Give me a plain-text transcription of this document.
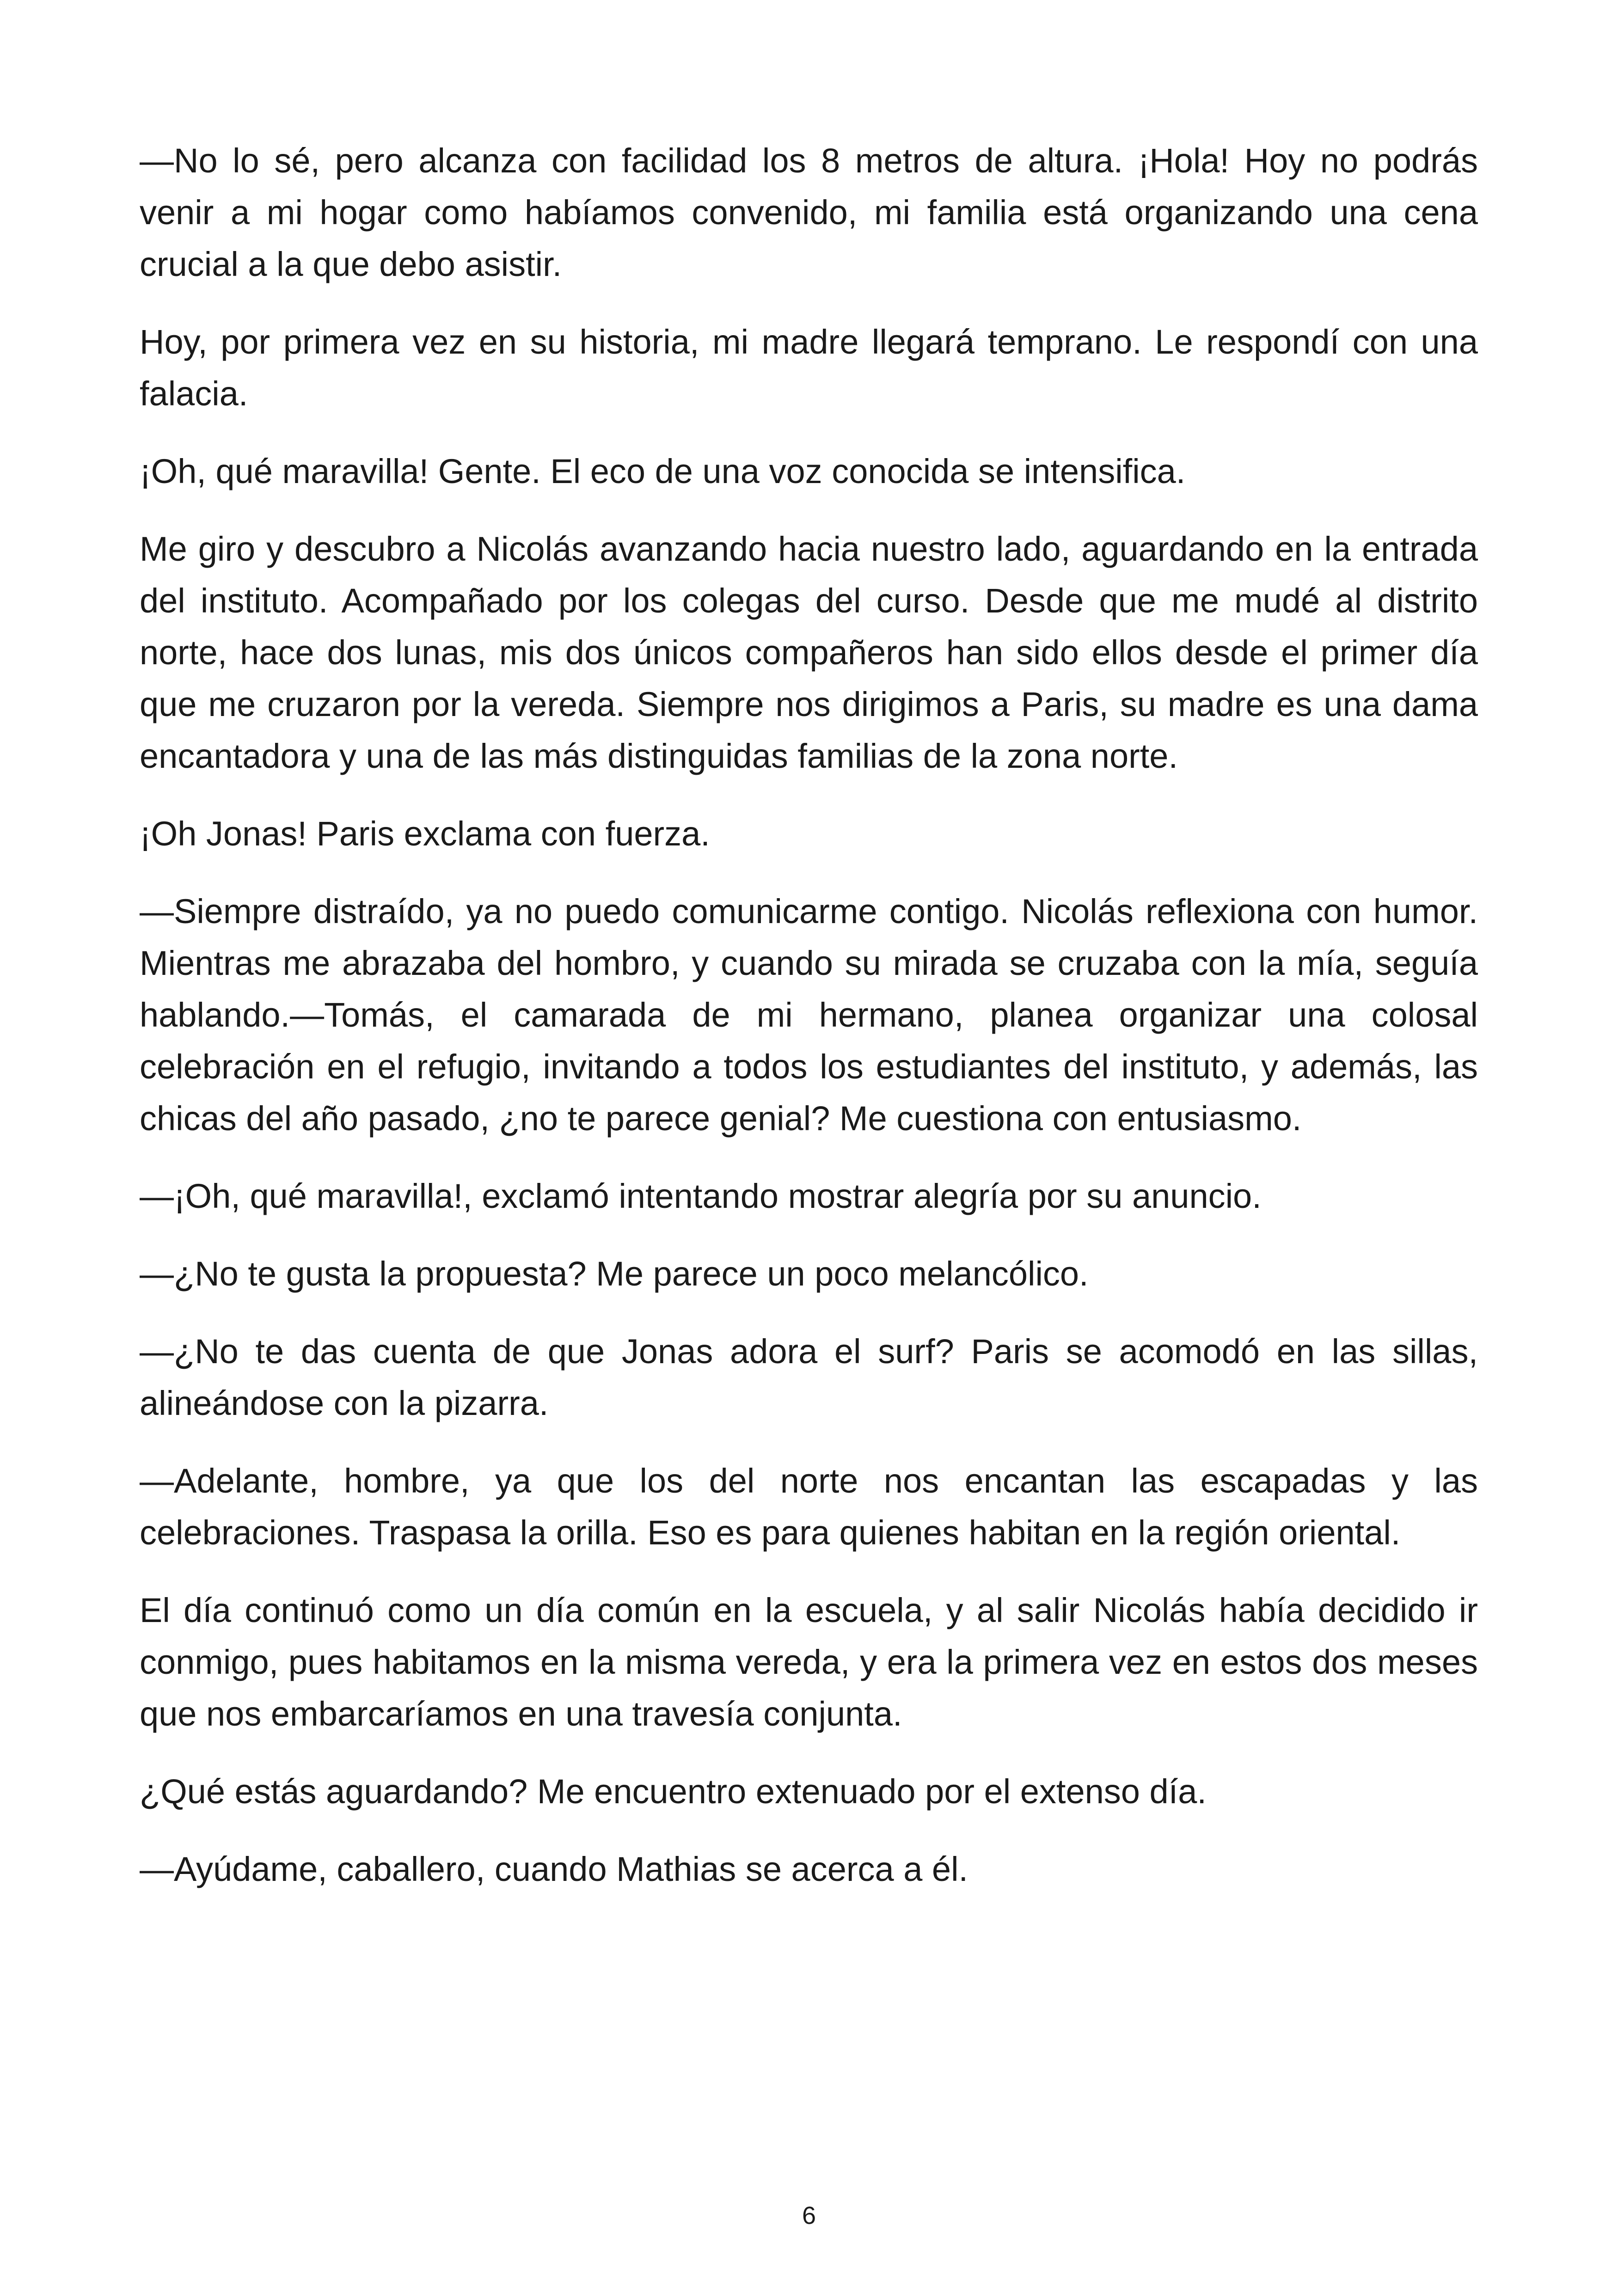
—No lo sé, pero alcanza con facilidad los 8 metros de altura. ¡Hola! Hoy no podrás venir a mi hogar como habíamos convenido, mi familia está organizando una cena crucial a la que debo asistir.

Hoy, por primera vez en su historia, mi madre llegará temprano. Le respondí con una falacia.

¡Oh, qué maravilla! Gente. El eco de una voz conocida se intensifica.

Me giro y descubro a Nicolás avanzando hacia nuestro lado, aguardando en la entrada del instituto. Acompañado por los colegas del curso. Desde que me mudé al distrito norte, hace dos lunas, mis dos únicos compañeros han sido ellos desde el primer día que me cruzaron por la vereda. Siempre nos dirigimos a Paris, su madre es una dama encantadora y una de las más distinguidas familias de la zona norte.

¡Oh Jonas! Paris exclama con fuerza.

—Siempre distraído, ya no puedo comunicarme contigo. Nicolás reflexiona con humor. Mientras me abrazaba del hombro, y cuando su mirada se cruzaba con la mía, seguía hablando.—Tomás, el camarada de mi hermano, planea organizar una colosal celebración en el refugio, invitando a todos los estudiantes del instituto, y además, las chicas del año pasado, ¿no te parece genial? Me cuestiona con entusiasmo.

—¡Oh, qué maravilla!, exclamó intentando mostrar alegría por su anuncio.

—¿No te gusta la propuesta? Me parece un poco melancólico.

—¿No te das cuenta de que Jonas adora el surf? Paris se acomodó en las sillas, alineándose con la pizarra.

—Adelante, hombre, ya que los del norte nos encantan las escapadas y las celebraciones. Traspasa la orilla. Eso es para quienes habitan en la región oriental.

El día continuó como un día común en la escuela, y al salir Nicolás había decidido ir conmigo, pues habitamos en la misma vereda, y era la primera vez en estos dos meses que nos embarcaríamos en una travesía conjunta.

¿Qué estás aguardando? Me encuentro extenuado por el extenso día.

—Ayúdame, caballero, cuando Mathias se acerca a él.

6
